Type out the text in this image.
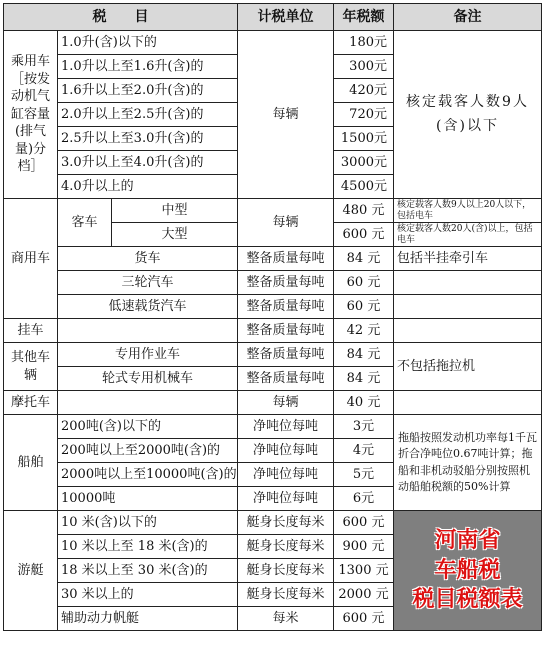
税　　目			计税单位	年税额	备注
乘用车［按发动机气缸容量(排气量)分档］	1.0升(含)以下的		每辆	180元	核定载客人数9人(含)以下
	1.0升以上至1.6升(含)的			300元	
	1.6升以上至2.0升(含)的			420元	
	2.0升以上至2.5升(含)的			720元	
	2.5升以上至3.0升(含)的			1500元	
	3.0升以上至4.0升(含)的			3000元	
	4.0升以上的			4500元	
商用车	客车	中型	每辆	480 元	核定载客人数9人以上20人以下，包括电车
		大型		600 元	核定载客人数20人(含)以上，包括电车
	货车		整备质量每吨	84 元	包括半挂牵引车
	三轮汽车		整备质量每吨	60 元	
	低速载货汽车		整备质量每吨	60 元	
挂车			整备质量每吨	42 元	
其他车辆	专用作业车		整备质量每吨	84 元	不包括拖拉机
	轮式专用机械车		整备质量每吨	84 元	
摩托车			每辆	40 元	
船舶	200吨(含)以下的		净吨位每吨	3元	拖船按照发动机功率每1千瓦折合净吨位0.67吨计算；拖船和非机动驳船分别按照机动船舶税额的50%计算
	200吨以上至2000吨(含)的		净吨位每吨	4元	
	2000吨以上至10000吨(含)的		净吨位每吨	5元	
	10000吨		净吨位每吨	6元	
游艇	10 米(含)以下的		艇身长度每米	600 元	河南省
车船税
税目税额表

	10 米以上至 18 米(含)的		艇身长度每米	900 元	
	18 米以上至 30 米(含)的		艇身长度每米	1300 元	
	30 米以上的		艇身长度每米	2000 元	
	辅助动力帆艇		每米	600 元	
